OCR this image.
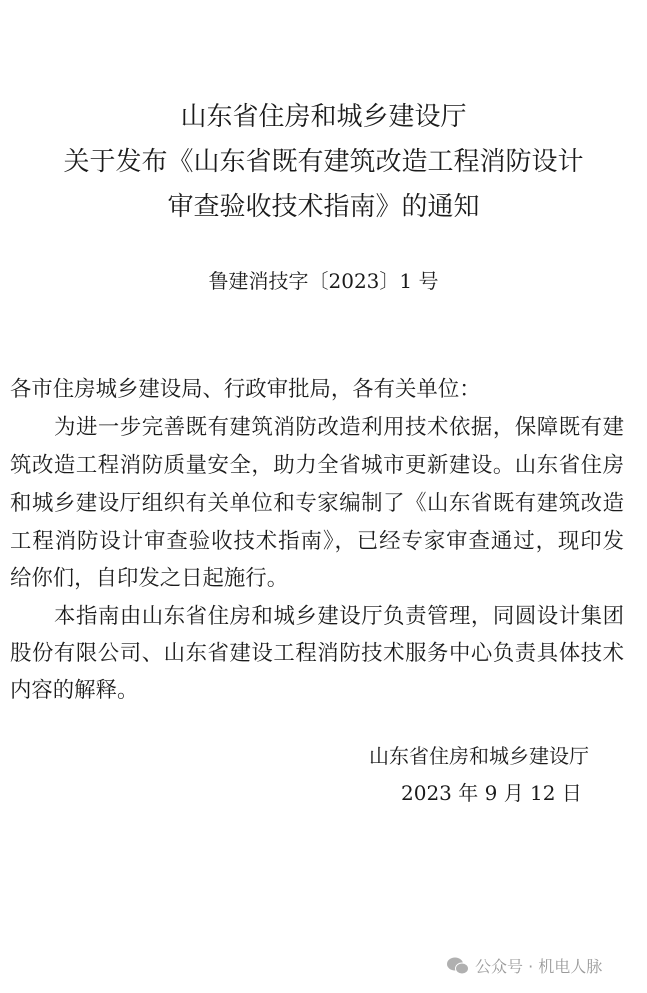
山东省住房和城乡建设厅
关于发布《山东省既有建筑改造工程消防设计
审查验收技术指南》的通知
鲁建消技字〔2023〕1 号
各市住房城乡建设局、行政审批局，各有关单位：
为进一步完善既有建筑消防改造利用技术依据，保障既有建
筑改造工程消防质量安全，助力全省城市更新建设。山东省住房
和城乡建设厅组织有关单位和专家编制了《山东省既有建筑改造
工程消防设计审查验收技术指南》，已经专家审查通过，现印发
给你们，自印发之日起施行。
本指南由山东省住房和城乡建设厅负责管理，同圆设计集团
股份有限公司、山东省建设工程消防技术服务中心负责具体技术
内容的解释。
山东省住房和城乡建设厅
2023 年 9 月 12 日
公众号 · 机电人脉
